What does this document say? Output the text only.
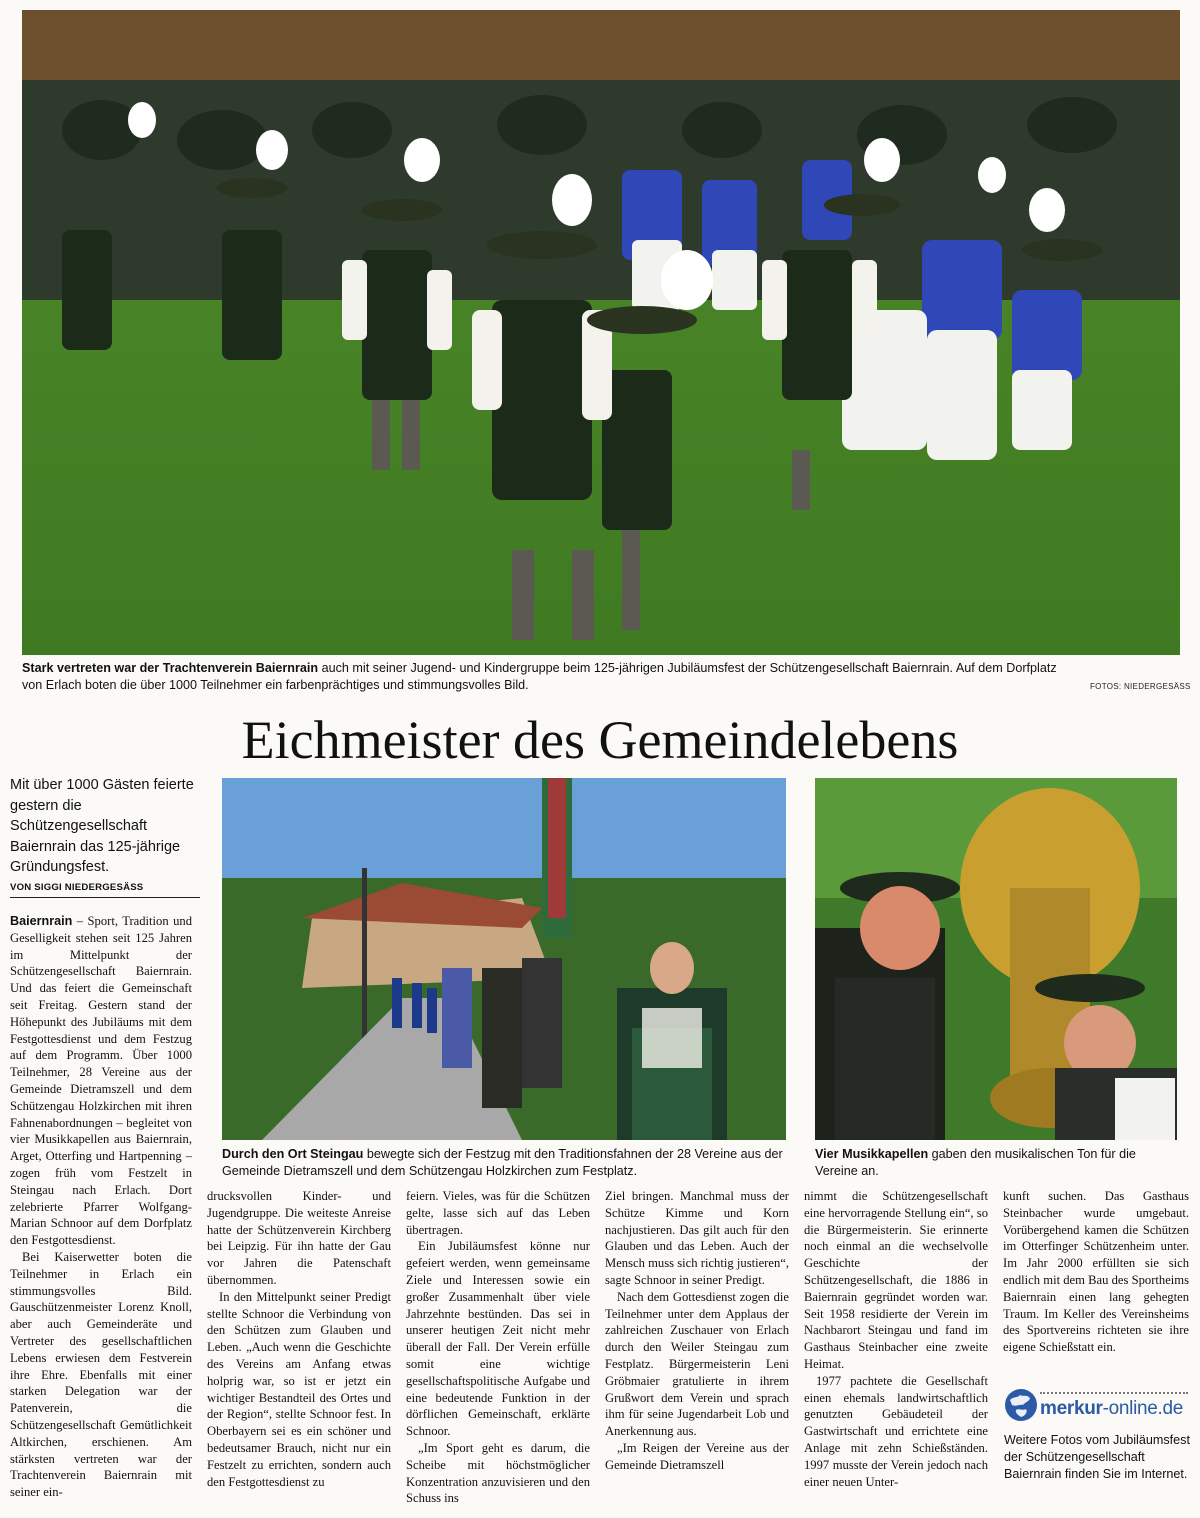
Stark vertreten war der Trachtenverein Baiernrain auch mit seiner Jugend- und Kindergruppe beim 125-jährigen Jubiläumsfest der Schützengesellschaft Baiernrain. Auf dem Dorfplatz
von Erlach boten die über 1000 Teilnehmer ein farbenprächtiges und stimmungsvolles Bild.	FOTOS: NIEDERGESÄSS
Eichmeister des Gemeindelebens

Mit über 1000 Gästen feierte gestern die Schützengesellschaft Baiernrain das 125-jährige Gründungsfest.

VON SIGGI NIEDERGESÄSS
Durch den Ort Steingau bewegte sich der Festzug mit den Traditionsfahnen der 28 Vereine aus der Gemeinde Dietramszell und dem Schützengau Holzkirchen zum Festplatz.
Vier Musikkapellen gaben den musikalischen Ton für die Vereine an.

Baiernrain – Sport, Tradition und Geselligkeit stehen seit 125 Jahren im Mittelpunkt der Schützengesellschaft Baiernrain. Und das feiert die Gemeinschaft seit Freitag. Gestern stand der Höhepunkt des Jubiläums mit dem Festgottesdienst und dem Festzug auf dem Programm. Über 1000 Teilnehmer, 28 Vereine aus der Gemeinde Dietramszell und dem Schützengau Holzkirchen mit ihren Fahnenabordnungen – begleitet von vier Musikkapellen aus Baiernrain, Arget, Otterfing und Hartpenning – zogen früh vom Festzelt in Steingau nach Erlach. Dort zelebrierte Pfarrer Wolfgang-Marian Schnoor auf dem Dorfplatz den Festgottesdienst.

Bei Kaiserwetter boten die Teilnehmer in Erlach ein stimmungsvolles Bild. Gauschützenmeister Lorenz Knoll, aber auch Gemeinderäte und Vertreter des gesellschaftlichen Lebens erwiesen dem Festverein ihre Ehre. Ebenfalls mit einer starken Delegation war der Patenverein, die Schützengesellschaft Gemütlichkeit Altkirchen, erschienen. Am stärksten vertreten war der Trachtenverein Baiernrain mit seiner ein-

drucksvollen Kinder- und Jugendgruppe. Die weiteste Anreise hatte der Schützenverein Kirchberg bei Leipzig. Für ihn hatte der Gau vor Jahren die Patenschaft übernommen.

In den Mittelpunkt seiner Predigt stellte Schnoor die Verbindung von den Schützen zum Glauben und Leben. „Auch wenn die Geschichte des Vereins am Anfang etwas holprig war, so ist er jetzt ein wichtiger Bestandteil des Ortes und der Region“, stellte Schnoor fest. In Oberbayern sei es ein schöner und bedeutsamer Brauch, nicht nur ein Festzelt zu errichten, sondern auch den Festgottesdienst zu

feiern. Vieles, was für die Schützen gelte, lasse sich auf das Leben übertragen.

Ein Jubiläumsfest könne nur gefeiert werden, wenn gemeinsame Ziele und Interessen sowie ein großer Zusammenhalt über viele Jahrzehnte bestünden. Das sei in unserer heutigen Zeit nicht mehr überall der Fall. Der Verein erfülle somit eine wichtige gesellschaftspolitische Aufgabe und eine bedeutende Funktion in der dörflichen Gemeinschaft, erklärte Schnoor.

„Im Sport geht es darum, die Scheibe mit höchstmöglicher Konzentration anzuvisieren und den Schuss ins

Ziel bringen. Manchmal muss der Schütze Kimme und Korn nachjustieren. Das gilt auch für den Glauben und das Leben. Auch der Mensch muss sich richtig justieren“, sagte Schnoor in seiner Predigt.

Nach dem Gottesdienst zogen die Teilnehmer unter dem Applaus der zahlreichen Zuschauer von Erlach durch den Weiler Steingau zum Festplatz. Bürgermeisterin Leni Gröbmaier gratulierte in ihrem Grußwort dem Verein und sprach ihm für seine Jugendarbeit Lob und Anerkennung aus.

„Im Reigen der Vereine aus der Gemeinde Dietramszell

nimmt die Schützengesellschaft eine hervorragende Stellung ein“, so die Bürgermeisterin. Sie erinnerte noch einmal an die wechselvolle Geschichte der Schützengesellschaft, die 1886 in Baiernrain gegründet worden war. Seit 1958 residierte der Verein im Nachbarort Steingau und fand im Gasthaus Steinbacher eine zweite Heimat.

1977 pachtete die Gesellschaft einen ehemals landwirtschaftlich genutzten Gebäudeteil der Gastwirtschaft und errichtete eine Anlage mit zehn Schießständen. 1997 musste der Verein jedoch nach einer neuen Unter-

kunft suchen. Das Gasthaus Steinbacher wurde umgebaut. Vorübergehend kamen die Schützen im Otterfinger Schützenheim unter. Im Jahr 2000 erfüllten sie sich endlich mit dem Bau des Sportheims Baiernrain einen lang gehegten Traum. Im Keller des Vereinsheims des Sportvereins richteten sie ihre eigene Schießstatt ein.

merkur-online.de
Weitere Fotos vom Jubiläumsfest der Schützengesellschaft Baiernrain finden Sie im Internet.
